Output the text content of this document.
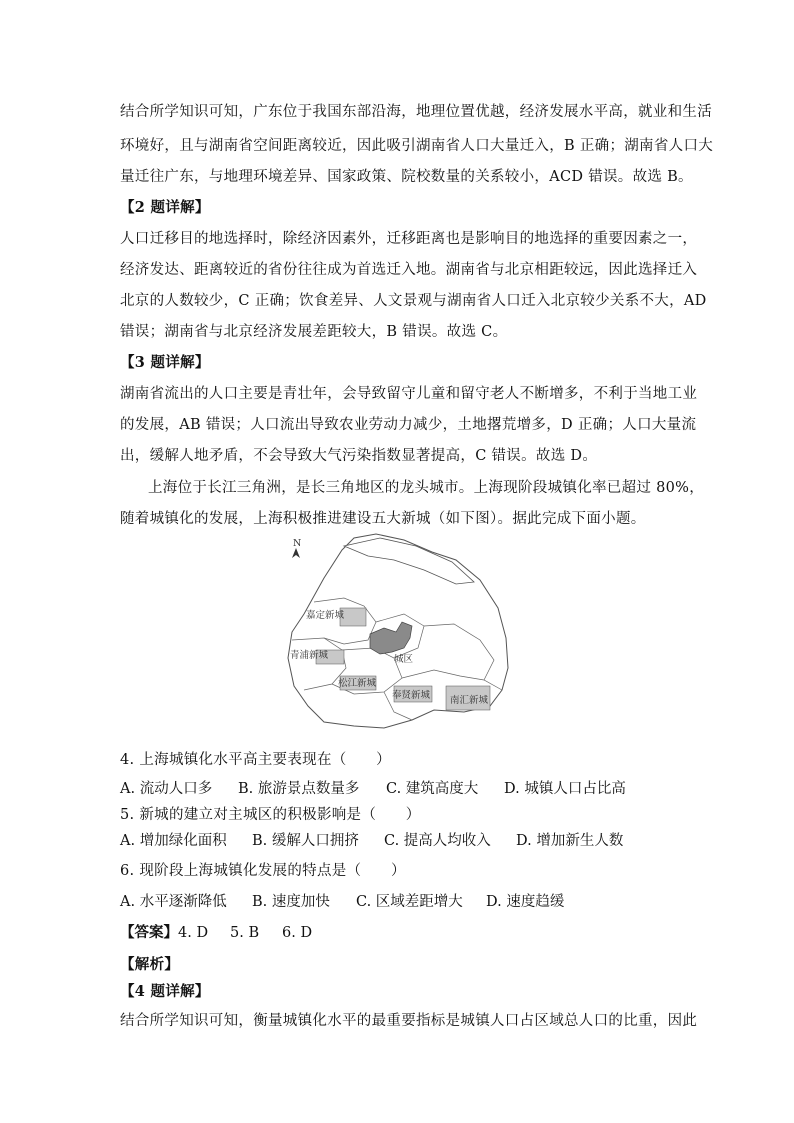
结合所学知识可知，广东位于我国东部沿海，地理位置优越，经济发展水平高，就业和生活
环境好，且与湖南省空间距离较近，因此吸引湖南省人口大量迁入，B 正确；湖南省人口大
量迁往广东，与地理环境差异、国家政策、院校数量的关系较小，ACD 错误。故选 B。
【2 题详解】
人口迁移目的地选择时，除经济因素外，迁移距离也是影响目的地选择的重要因素之一，
经济发达、距离较近的省份往往成为首选迁入地。湖南省与北京相距较远，因此选择迁入
北京的人数较少，C 正确；饮食差异、人文景观与湖南省人口迁入北京较少关系不大，AD
错误；湖南省与北京经济发展差距较大，B 错误。故选 C。
【3 题详解】
湖南省流出的人口主要是青壮年，会导致留守儿童和留守老人不断增多，不利于当地工业
的发展，AB 错误；人口流出导致农业劳动力减少，土地撂荒增多，D 正确；人口大量流
出，缓解人地矛盾，不会导致大气污染指数显著提高，C 错误。故选 D。
上海位于长江三角洲，是长三角地区的龙头城市。上海现阶段城镇化率已超过 80%，
随着城镇化的发展，上海积极推进建设五大新城（如下图）。据此完成下面小题。
N
嘉定新城
青浦新城	城区
松江新城
奉贤新城 南汇新城
4. 上海城镇化水平高主要表现在（　　）
A. 流动人口多 B. 旅游景点数量多 C. 建筑高度大 D. 城镇人口占比高
5. 新城的建立对主城区的积极影响是（　　）
A. 增加绿化面积 B. 缓解人口拥挤 C. 提高人均收入 D. 增加新生人数
6. 现阶段上海城镇化发展的特点是（　　）
A. 水平逐渐降低 B. 速度加快 C. 区域差距增大 D. 速度趋缓
【答案】4. D 5. B 6. D
【解析】
【4 题详解】
结合所学知识可知，衡量城镇化水平的最重要指标是城镇人口占区域总人口的比重，因此
